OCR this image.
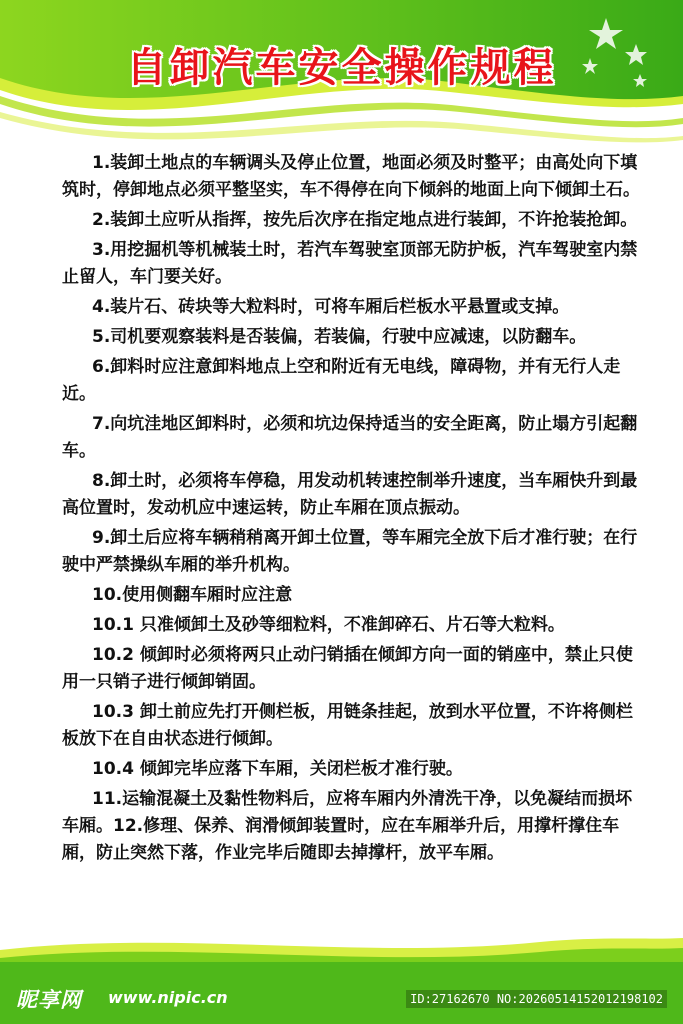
自卸汽车安全操作规程

1.装卸土地点的车辆调头及停止位置，地面必须及时整平；由高处向下填筑时，停卸地点必须平整坚实，车不得停在向下倾斜的地面上向下倾卸土石。

2.装卸土应听从指挥，按先后次序在指定地点进行装卸，不许抢装抢卸。

3.用挖掘机等机械装土时，若汽车驾驶室顶部无防护板，汽车驾驶室内禁止留人，车门要关好。

4.装片石、砖块等大粒料时，可将车厢后栏板水平悬置或支掉。

5.司机要观察装料是否装偏，若装偏，行驶中应减速，以防翻车。

6.卸料时应注意卸料地点上空和附近有无电线，障碍物，并有无行人走近。

7.向坑洼地区卸料时，必须和坑边保持适当的安全距离，防止塌方引起翻车。

8.卸土时，必须将车停稳，用发动机转速控制举升速度，当车厢快升到最高位置时，发动机应中速运转，防止车厢在顶点振动。

9.卸土后应将车辆稍稍离开卸土位置，等车厢完全放下后才准行驶；在行驶中严禁操纵车厢的举升机构。

10.使用侧翻车厢时应注意

10.1 只准倾卸土及砂等细粒料，不准卸碎石、片石等大粒料。

10.2 倾卸时必须将两只止动闩销插在倾卸方向一面的销座中，禁止只使用一只销子进行倾卸销固。

10.3 卸土前应先打开侧栏板，用链条挂起，放到水平位置，不许将侧栏板放下在自由状态进行倾卸。

10.4 倾卸完毕应落下车厢，关闭栏板才准行驶。

11.运输混凝土及黏性物料后，应将车厢内外清洗干净，以免凝结而损坏车厢。12.修理、保养、润滑倾卸装置时，应在车厢举升后，用撑杆撑住车厢，防止突然下落，作业完毕后随即去掉撑杆，放平车厢。

昵享网 www.nipic.cn	ID:27162670 NO:20260514152012198102
